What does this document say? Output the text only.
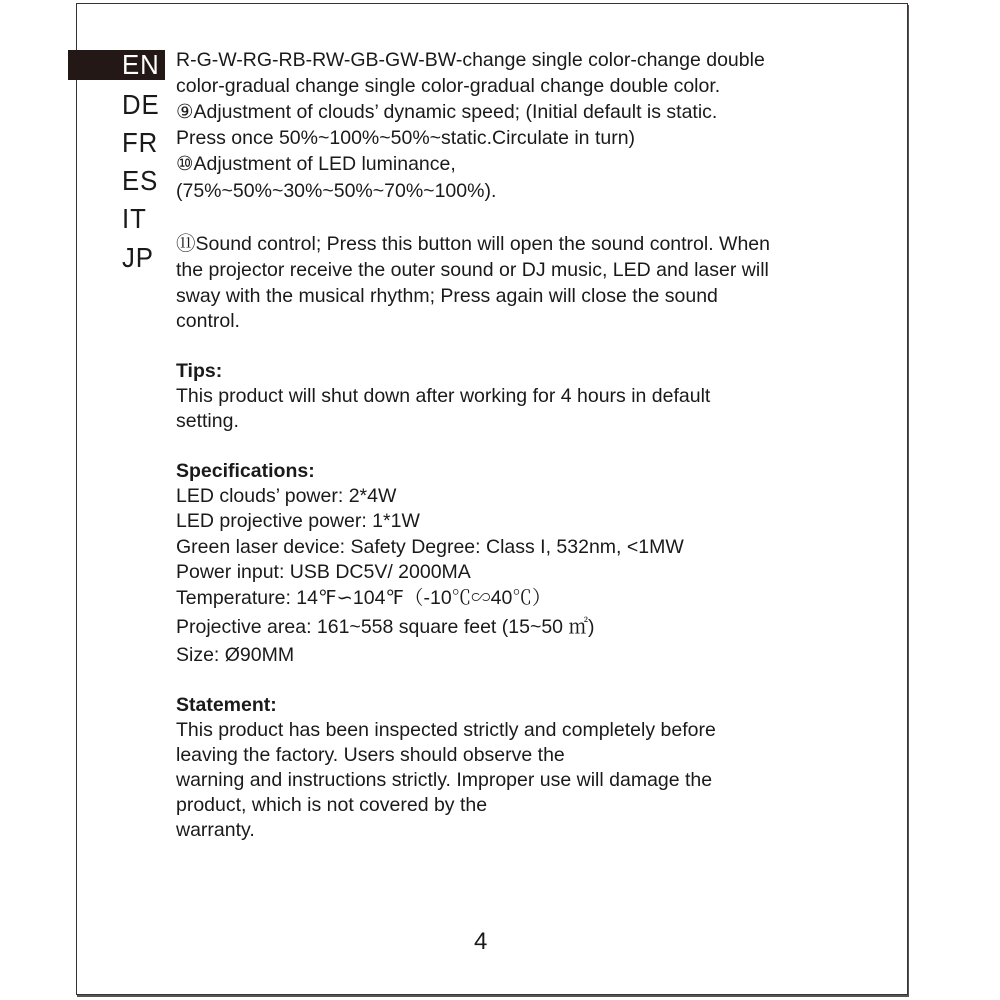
EN
DE
FR
ES
IT
JP
R-G-W-RG-RB-RW-GB-GW-BW-change single color-change double
color-gradual change single color-gradual change double color.
⑨Adjustment of clouds’ dynamic speed; (Initial default is static.
Press once 50%~100%~50%~static.Circulate in turn)
⑩Adjustment of LED luminance,
(75%~50%~30%~50%~70%~100%).
⑪Sound control; Press this button will open the sound control. When
the projector receive the outer sound or DJ music, LED and laser will
sway with the musical rhythm; Press again will close the sound
control.
Tips:
This product will shut down after working for 4 hours in default
setting.
Specifications:
LED clouds’ power: 2*4W
LED projective power: 1*1W
Green laser device: Safety Degree: Class I, 532nm, <1MW
Power input: USB DC5V/ 2000MA
Temperature: 14℉∽104℉（-10℃∽40℃）
Projective area: 161~558 square feet (15~50 ㎡)
Size: Ø90MM
Statement:
This product has been inspected strictly and completely before
leaving the factory. Users should observe the
warning and instructions strictly. Improper use will damage the
product, which is not covered by the
warranty.
4
